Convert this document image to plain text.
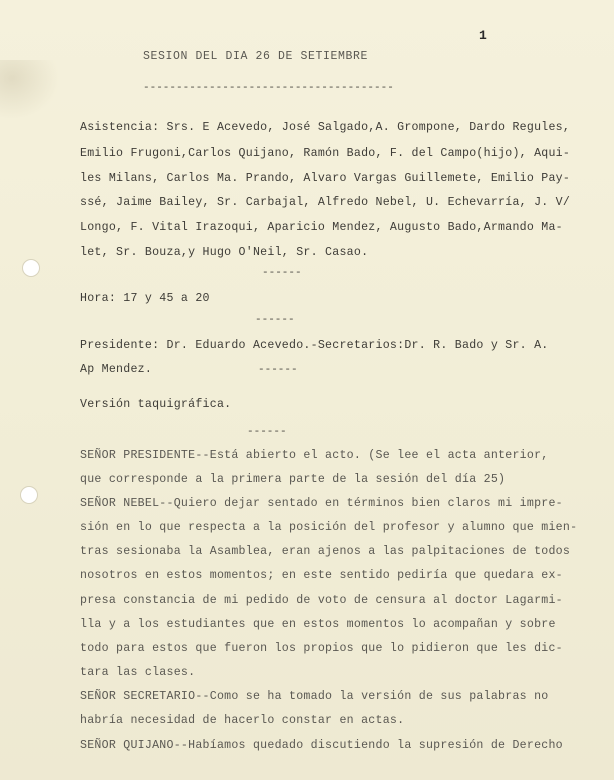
1
SESION DEL DIA 26 DE SETIEMBRE
--------------------------------------
Asistencia: Srs. E Acevedo, José Salgado,A. Grompone, Dardo Regules,
Emilio Frugoni,Carlos Quijano, Ramón Bado, F. del Campo(hijo), Aqui-
les Milans, Carlos Ma. Prando, Alvaro Vargas Guillemete, Emilio Pay-
ssé, Jaime Bailey, Sr. Carbajal, Alfredo Nebel, U. Echevarría, J. V/
Longo, F. Vital Irazoqui, Aparicio Mendez, Augusto Bado,Armando Ma-
let, Sr. Bouza,y Hugo O'Neil, Sr. Casao.
------
Hora: 17 y 45 a 20
------
Presidente: Dr. Eduardo Acevedo.-Secretarios:Dr. R. Bado y Sr. A.
Ap Mendez.	------
Versión taquigráfica.
------
SEÑOR PRESIDENTE--Está abierto el acto. (Se lee el acta anterior,
que corresponde a la primera parte de la sesión del día 25)
SEÑOR NEBEL--Quiero dejar sentado en términos bien claros mi impre-
sión en lo que respecta a la posición del profesor y alumno que mien-
tras sesionaba la Asamblea, eran ajenos a las palpitaciones de todos
nosotros en estos momentos; en este sentido pediría que quedara ex-
presa constancia de mi pedido de voto de censura al doctor Lagarmi-
lla y a los estudiantes que en estos momentos lo acompañan y sobre
todo para estos que fueron los propios que lo pidieron que les dic-
tara las clases.
SEÑOR SECRETARIO--Como se ha tomado la versión de sus palabras no
habría necesidad de hacerlo constar en actas.
SEÑOR QUIJANO--Habíamos quedado discutiendo la supresión de Derecho
